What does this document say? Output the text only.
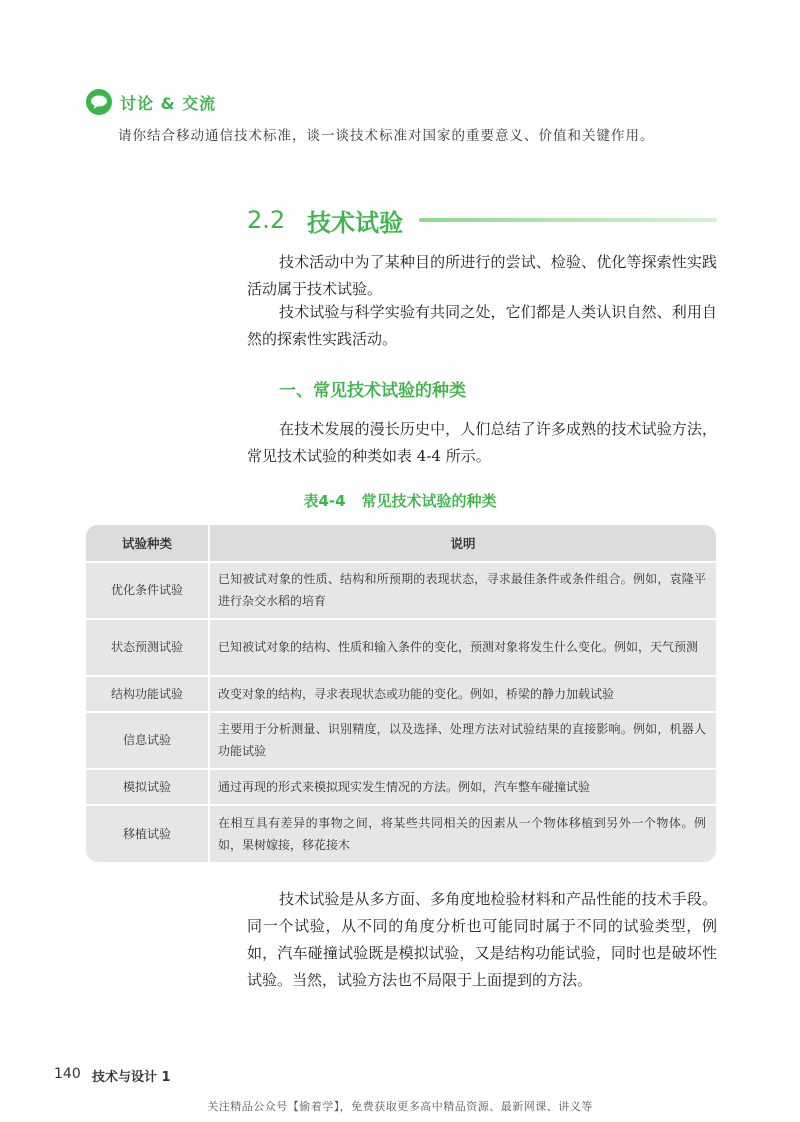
讨论 & 交流
请你结合移动通信技术标准，谈一谈技术标准对国家的重要意义、价值和关键作用。
2.2 技术试验

技术活动中为了某种目的所进行的尝试、检验、优化等探索性实践活动属于技术试验。

技术试验与科学实验有共同之处，它们都是人类认识自然、利用自然的探索性实践活动。

一、常见技术试验的种类

在技术发展的漫长历史中，人们总结了许多成熟的技术试验方法，常见技术试验的种类如表 4-4 所示。

表4-4 常见技术试验的种类
试验种类	说明
优化条件试验	已知被试对象的性质、结构和所预期的表现状态，寻求最佳条件或条件组合。例如，袁隆平进行杂交水稻的培育
状态预测试验	已知被试对象的结构、性质和输入条件的变化，预测对象将发生什么变化。例如，天气预测
结构功能试验	改变对象的结构，寻求表现状态或功能的变化。例如，桥梁的静力加载试验
信息试验	主要用于分析测量、识别精度，以及选择、处理方法对试验结果的直接影响。例如，机器人功能试验
模拟试验	通过再现的形式来模拟现实发生情况的方法。例如，汽车整车碰撞试验
移植试验	在相互具有差异的事物之间，将某些共同相关的因素从一个物体移植到另外一个物体。例如，果树嫁接，移花接木

技术试验是从多方面、多角度地检验材料和产品性能的技术手段。同一个试验，从不同的角度分析也可能同时属于不同的试验类型，例如，汽车碰撞试验既是模拟试验，又是结构功能试验，同时也是破坏性试验。当然，试验方法也不局限于上面提到的方法。

140 技术与设计 1
关注精品公众号【偷着学】，免费获取更多高中精品资源、最新网课、讲义等
